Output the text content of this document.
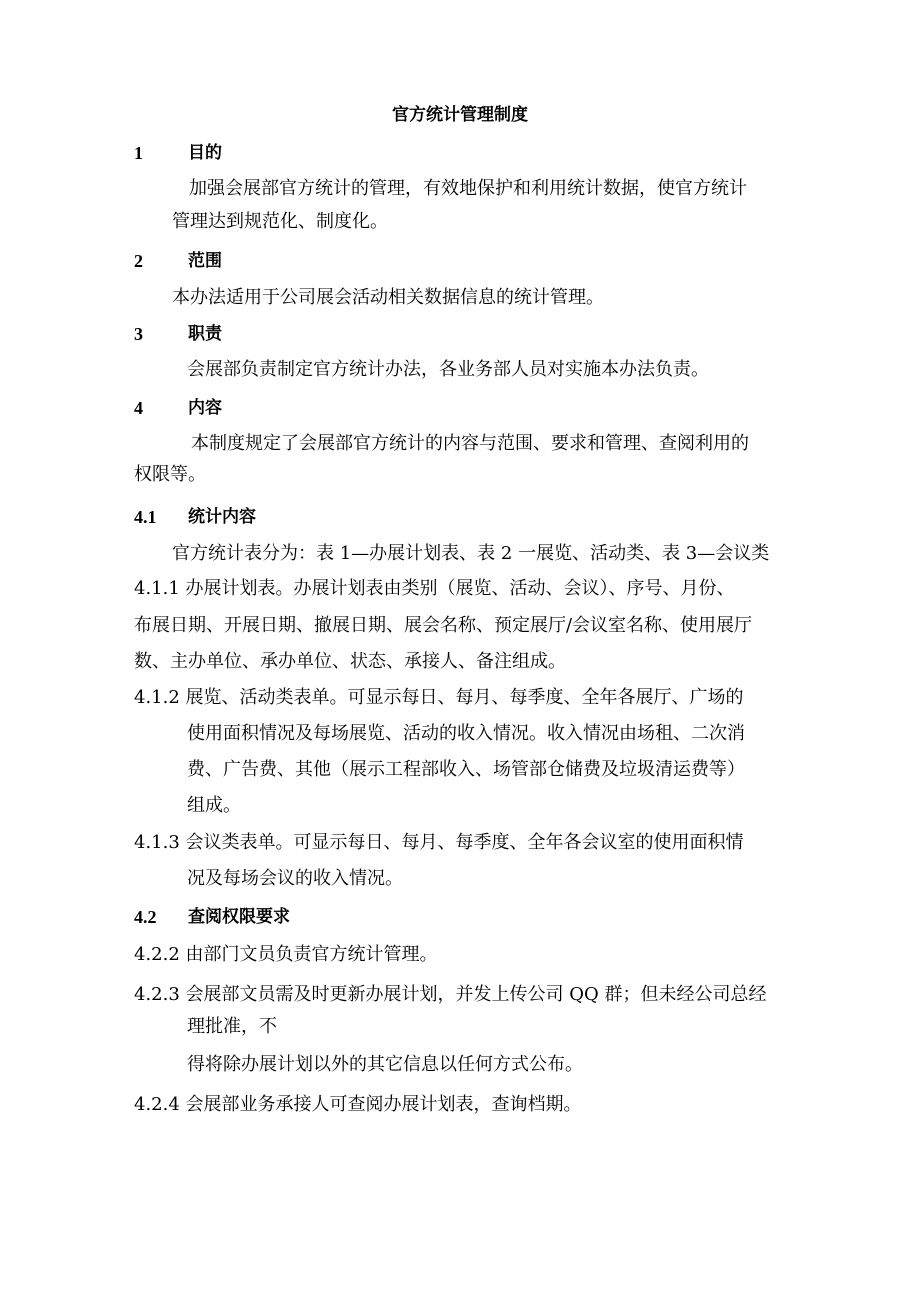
官方统计管理制度
1	目的
加强会展部官方统计的管理，有效地保护和利用统计数据，使官方统计
管理达到规范化、制度化。
2	范围
本办法适用于公司展会活动相关数据信息的统计管理。
3	职责
会展部负责制定官方统计办法，各业务部人员对实施本办法负责。
4	内容
本制度规定了会展部官方统计的内容与范围、要求和管理、查阅利用的
权限等。
4.1 统计内容
官方统计表分为：表 1—办展计划表、表 2 一展览、活动类、表 3—会议类
4.1.1 办展计划表。办展计划表由类别（展览、活动、会议）、序号、月份、
布展日期、开展日期、撤展日期、展会名称、预定展厅/会议室名称、使用展厅
数、主办单位、承办单位、状态、承接人、备注组成。
4.1.2 展览、活动类表单。可显示每日、每月、每季度、全年各展厅、广场的
使用面积情况及每场展览、活动的收入情况。收入情况由场租、二次消
费、广告费、其他（展示工程部收入、场管部仓储费及垃圾清运费等）
组成。
4.1.3 会议类表单。可显示每日、每月、每季度、全年各会议室的使用面积情
况及每场会议的收入情况。
4.2 查阅权限要求
4.2.2 由部门文员负责官方统计管理。
4.2.3 会展部文员需及时更新办展计划，并发上传公司 QQ 群；但未经公司总经
理批准，不
得将除办展计划以外的其它信息以任何方式公布。
4.2.4 会展部业务承接人可查阅办展计划表，查询档期。
